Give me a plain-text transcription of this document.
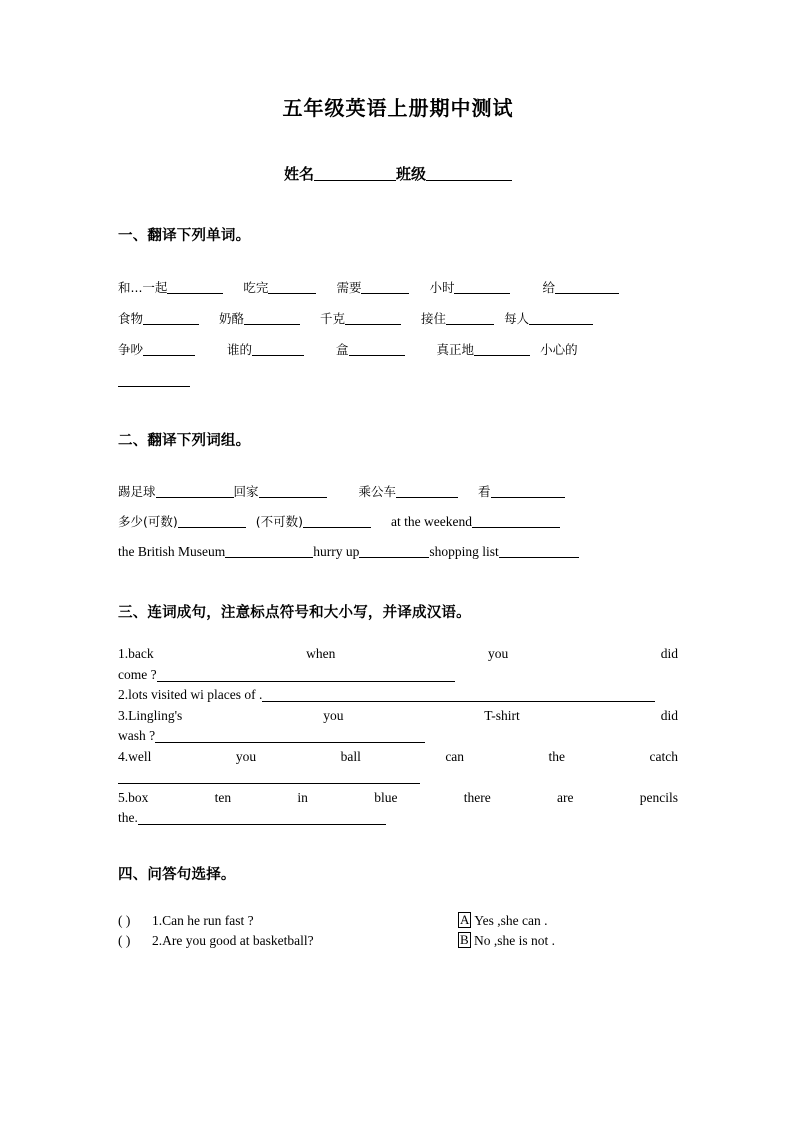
五年级英语上册期中测试
姓名	班级
一、翻译下列单词。
和...一起	吃完	需要	小时	给
食物	奶酪	千克	接住	每人
争吵	谁的	盒	真正地	小心的
二、翻译下列词组。
踢足球	回家	乘公车	看
多少(可数)	(不可数)	at the weekend
the British Museum	hurry up	shopping list
三、连词成句，注意标点符号和大小写，并译成汉语。
1.back when you did
come ?
2.lots visited wi places of .
3.Lingling's you T-shirt did
wash ?
4.well you ball can the catch
5.box ten in blue there are pencils
the.
四、问答句选择。
( ) 1.Can he run fast ?	A Yes ,she can .
( ) 2.Are you good at basketball?	B No ,she is not .
